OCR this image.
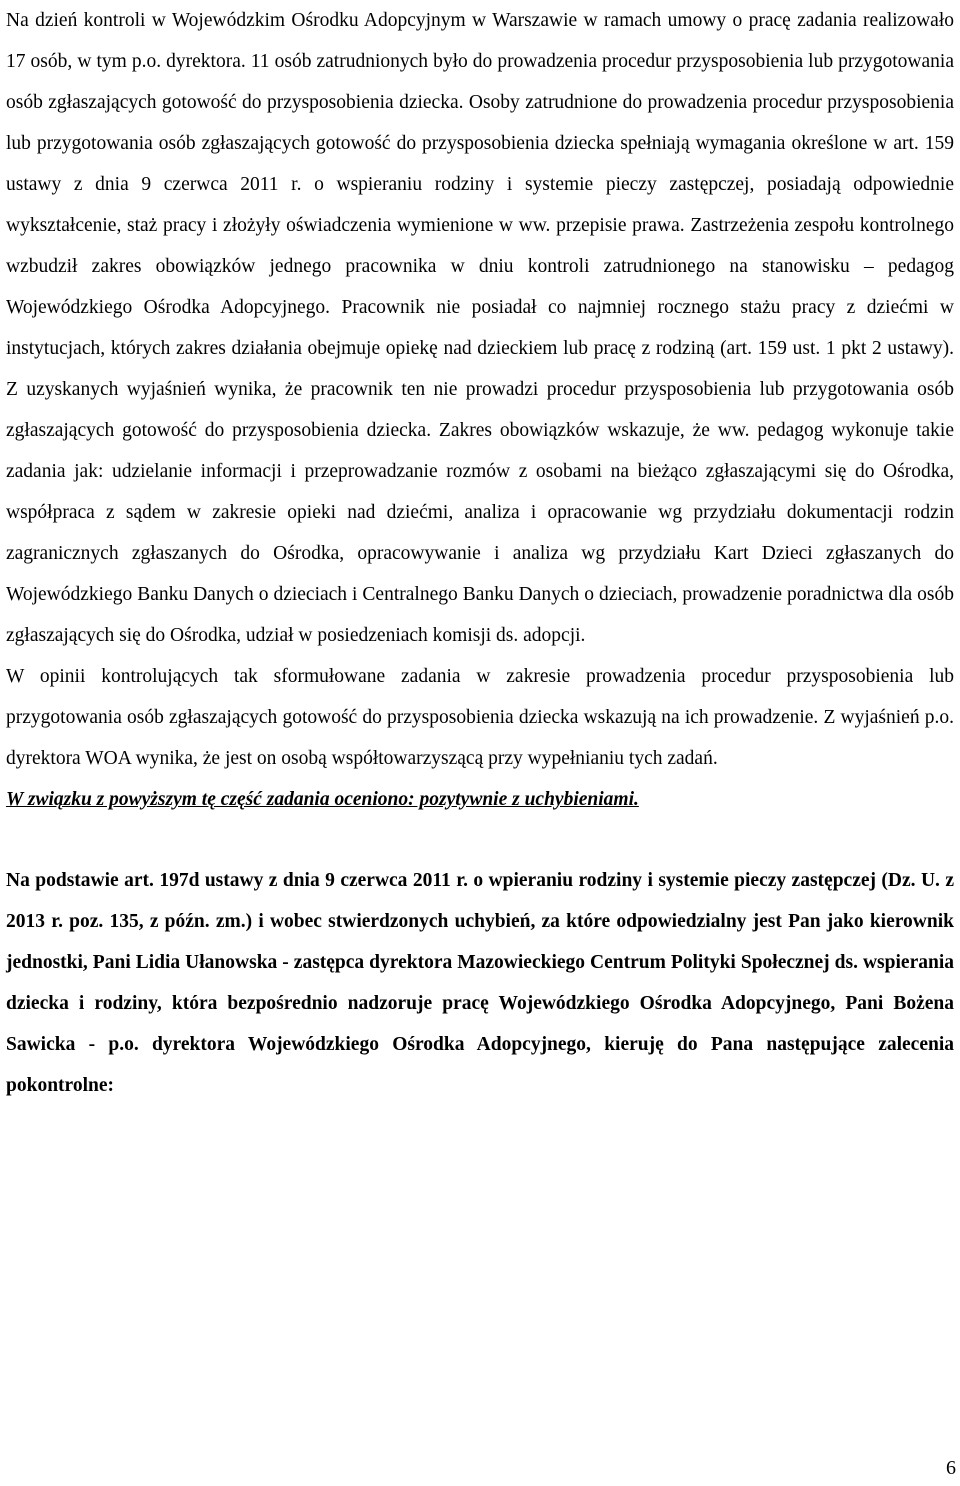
Na dzień kontroli w Wojewódzkim Ośrodku Adopcyjnym w Warszawie w ramach umowy o pracę zadania realizowało 17 osób, w tym p.o. dyrektora. 11 osób zatrudnionych było do prowadzenia procedur przysposobienia lub przygotowania osób zgłaszających gotowość do przysposobienia dziecka. Osoby zatrudnione do prowadzenia procedur przysposobienia lub przygotowania osób zgłaszających gotowość do przysposobienia dziecka spełniają wymagania określone w art. 159 ustawy z dnia 9 czerwca 2011 r. o wspieraniu rodziny i systemie pieczy zastępczej, posiadają odpowiednie wykształcenie, staż pracy i złożyły oświadczenia wymienione w ww. przepisie prawa. Zastrzeżenia zespołu kontrolnego wzbudził zakres obowiązków jednego pracownika w dniu kontroli zatrudnionego na stanowisku – pedagog Wojewódzkiego Ośrodka Adopcyjnego. Pracownik nie posiadał co najmniej rocznego stażu pracy z dziećmi w instytucjach, których zakres działania obejmuje opiekę nad dzieckiem lub pracę z rodziną (art. 159 ust. 1 pkt 2 ustawy). Z uzyskanych wyjaśnień wynika, że pracownik ten nie prowadzi procedur przysposobienia lub przygotowania osób zgłaszających gotowość do przysposobienia dziecka. Zakres obowiązków wskazuje, że ww. pedagog wykonuje takie zadania jak: udzielanie informacji i przeprowadzanie rozmów z osobami na bieżąco zgłaszającymi się do Ośrodka, współpraca z sądem w zakresie opieki nad dziećmi, analiza i opracowanie wg przydziału dokumentacji rodzin zagranicznych zgłaszanych do Ośrodka, opracowywanie i analiza wg przydziału Kart Dzieci zgłaszanych do Wojewódzkiego Banku Danych o dzieciach i Centralnego Banku Danych o dzieciach, prowadzenie poradnictwa dla osób zgłaszających się do Ośrodka, udział w posiedzeniach komisji ds. adopcji.

W opinii kontrolujących tak sformułowane zadania w zakresie prowadzenia procedur przysposobienia lub przygotowania osób zgłaszających gotowość do przysposobienia dziecka wskazują na ich prowadzenie. Z wyjaśnień p.o. dyrektora WOA wynika, że jest on osobą współtowarzyszącą przy wypełnianiu tych zadań.

W związku z powyższym tę część zadania oceniono: pozytywnie z uchybieniami.

Na podstawie art. 197d ustawy z dnia 9 czerwca 2011 r. o wpieraniu rodziny i systemie pieczy zastępczej (Dz. U. z 2013 r. poz. 135, z późn. zm.) i wobec stwierdzonych uchybień, za które odpowiedzialny jest Pan jako kierownik jednostki, Pani Lidia Ułanowska - zastępca dyrektora Mazowieckiego Centrum Polityki Społecznej ds. wspierania dziecka i rodziny, która bezpośrednio nadzoruje pracę Wojewódzkiego Ośrodka Adopcyjnego, Pani Bożena Sawicka - p.o. dyrektora Wojewódzkiego Ośrodka Adopcyjnego, kieruję do Pana następujące zalecenia pokontrolne:

6
